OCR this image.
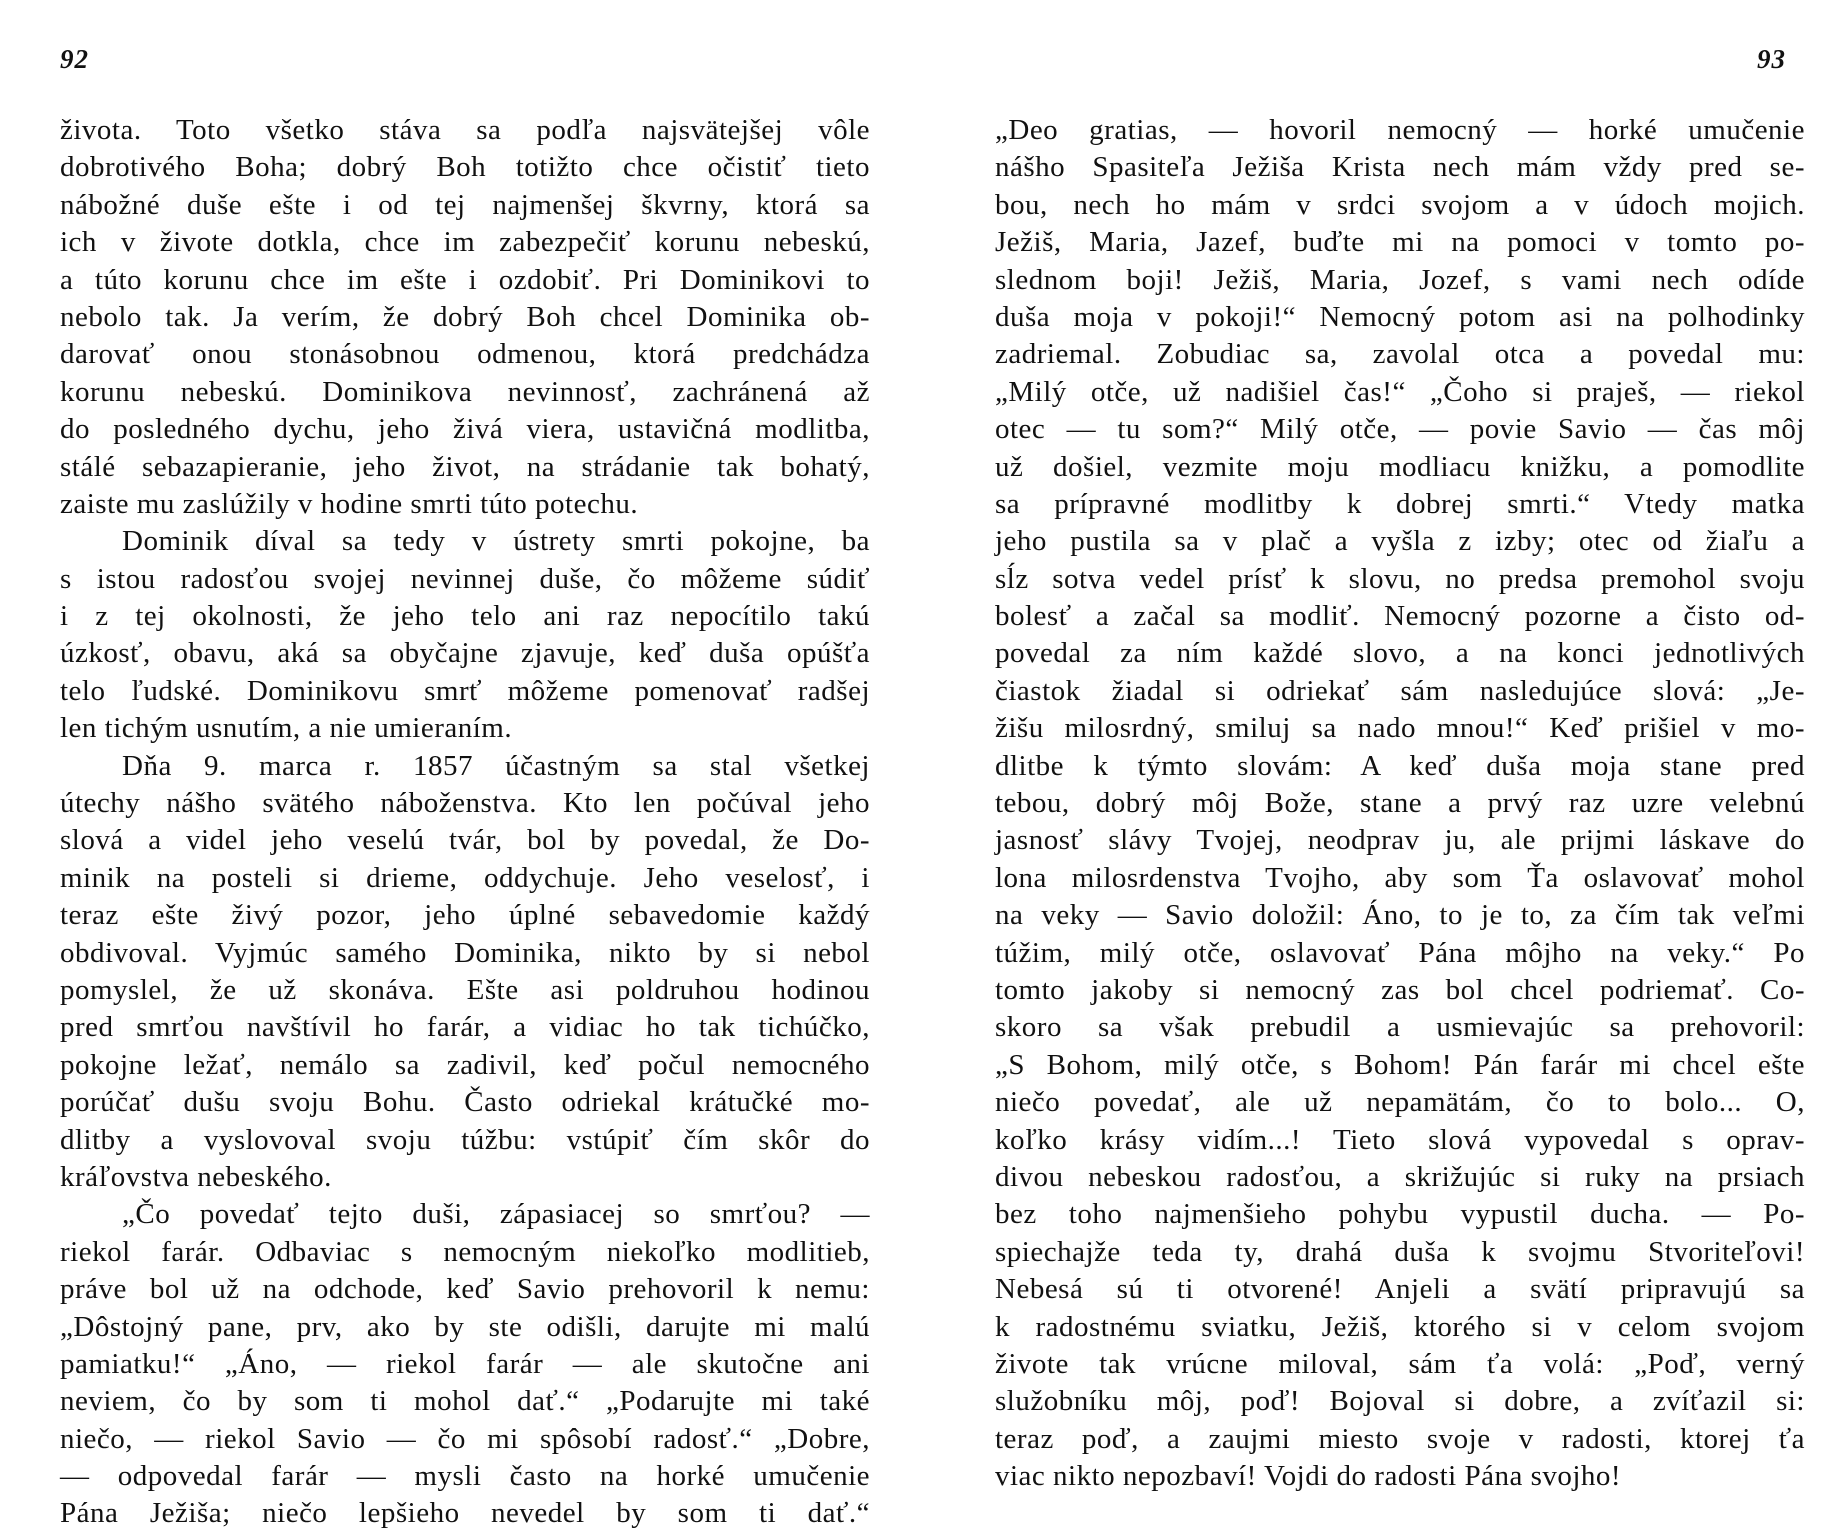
92
života. Toto všetko stáva sa podľa najsvätejšej vôle
dobrotivého Boha; dobrý Boh totižto chce očistiť tieto
nábožné duše ešte i od tej najmenšej škvrny, ktorá sa
ich v živote dotkla, chce im zabezpečiť korunu nebeskú,
a túto korunu chce im ešte i ozdobiť. Pri Dominikovi to
nebolo tak. Ja verím, že dobrý Boh chcel Dominika ob-
darovať onou stonásobnou odmenou, ktorá predchádza
korunu nebeskú. Dominikova nevinnosť, zachránená až
do posledného dychu, jeho živá viera, ustavičná modlitba,
stálé sebazapieranie, jeho život, na strádanie tak bohatý,
zaiste mu zaslúžily v hodine smrti túto potechu.
Dominik díval sa tedy v ústrety smrti pokojne, ba
s istou radosťou svojej nevinnej duše, čo môžeme súdiť
i z tej okolnosti, že jeho telo ani raz nepocítilo takú
úzkosť, obavu, aká sa obyčajne zjavuje, keď duša opúšťa
telo ľudské. Dominikovu smrť môžeme pomenovať radšej
len tichým usnutím, a nie umieraním.
Dňa 9. marca r. 1857 účastným sa stal všetkej
útechy nášho svätého náboženstva. Kto len počúval jeho
slová a videl jeho veselú tvár, bol by povedal, že Do-
minik na posteli si drieme, oddychuje. Jeho veselosť, i
teraz ešte živý pozor, jeho úplné sebavedomie každý
obdivoval. Vyjmúc samého Dominika, nikto by si nebol
pomyslel, že už skonáva. Ešte asi poldruhou hodinou
pred smrťou navštívil ho farár, a vidiac ho tak tichúčko,
pokojne ležať, nemálo sa zadivil, keď počul nemocného
porúčať dušu svoju Bohu. Často odriekal krátučké mo-
dlitby a vyslovoval svoju túžbu: vstúpiť čím skôr do
kráľovstva nebeského.
„Čo povedať tejto duši, zápasiacej so smrťou? —
riekol farár. Odbaviac s nemocným niekoľko modlitieb,
práve bol už na odchode, keď Savio prehovoril k nemu:
„Dôstojný pane, prv, ako by ste odišli, darujte mi malú
pamiatku!“ „Áno, — riekol farár — ale skutočne ani
neviem, čo by som ti mohol dať.“ „Podarujte mi také
niečo, — riekol Savio — čo mi spôsobí radosť.“ „Dobre,
— odpovedal farár — mysli často na horké umučenie
Pána Ježiša; niečo lepšieho nevedel by som ti dať.“
93
„Deo gratias, — hovoril nemocný — horké umučenie
nášho Spasiteľa Ježiša Krista nech mám vždy pred se-
bou, nech ho mám v srdci svojom a v údoch mojich.
Ježiš, Maria, Jazef, buďte mi na pomoci v tomto po-
slednom boji! Ježiš, Maria, Jozef, s vami nech odíde
duša moja v pokoji!“ Nemocný potom asi na polhodinky
zadriemal. Zobudiac sa, zavolal otca a povedal mu:
„Milý otče, už nadišiel čas!“ „Čoho si praješ, — riekol
otec — tu som?“ Milý otče, — povie Savio — čas môj
už došiel, vezmite moju modliacu knižku, a pomodlite
sa prípravné modlitby k dobrej smrti.“ Vtedy matka
jeho pustila sa v plač a vyšla z izby; otec od žiaľu a
sĺz sotva vedel prísť k slovu, no predsa premohol svoju
bolesť a začal sa modliť. Nemocný pozorne a čisto od-
povedal za ním každé slovo, a na konci jednotlivých
čiastok žiadal si odriekať sám nasledujúce slová: „Je-
žišu milosrdný, smiluj sa nado mnou!“ Keď prišiel v mo-
dlitbe k týmto slovám: A keď duša moja stane pred
tebou, dobrý môj Bože, stane a prvý raz uzre velebnú
jasnosť slávy Tvojej, neodprav ju, ale prijmi láskave do
lona milosrdenstva Tvojho, aby som Ťa oslavovať mohol
na veky — Savio doložil: Áno, to je to, za čím tak veľmi
túžim, milý otče, oslavovať Pána môjho na veky.“ Po
tomto jakoby si nemocný zas bol chcel podriemať. Co-
skoro sa však prebudil a usmievajúc sa prehovoril:
„S Bohom, milý otče, s Bohom! Pán farár mi chcel ešte
niečo povedať, ale už nepamätám, čo to bolo... O,
koľko krásy vidím...! Tieto slová vypovedal s oprav-
divou nebeskou radosťou, a skrižujúc si ruky na prsiach
bez toho najmenšieho pohybu vypustil ducha. — Po-
spiechajže teda ty, drahá duša k svojmu Stvoriteľovi!
Nebesá sú ti otvorené! Anjeli a svätí pripravujú sa
k radostnému sviatku, Ježiš, ktorého si v celom svojom
živote tak vrúcne miloval, sám ťa volá: „Poď, verný
služobníku môj, poď! Bojoval si dobre, a zvíťazil si:
teraz poď, a zaujmi miesto svoje v radosti, ktorej ťa
viac nikto nepozbaví! Vojdi do radosti Pána svojho!
